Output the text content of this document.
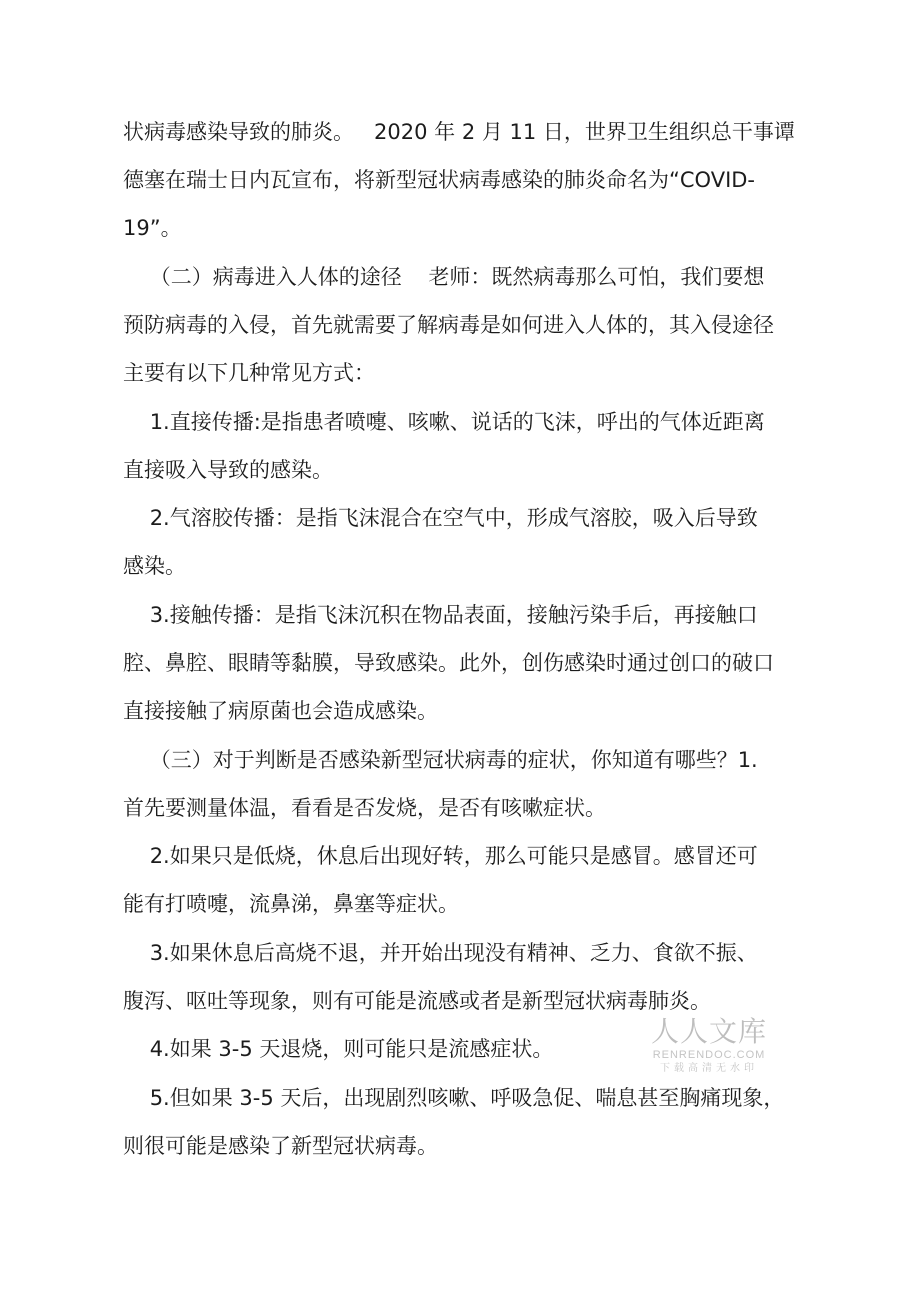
状病毒感染导致的肺炎。   2020 年 2 月 11 日，世界卫生组织总干事谭
德塞在瑞士日内瓦宣布，将新型冠状病毒感染的肺炎命名为“COVID-
19”。
（二）病毒进入人体的途径    老师：既然病毒那么可怕，我们要想
预防病毒的入侵，首先就需要了解病毒是如何进入人体的，其入侵途径
主要有以下几种常见方式：
1.直接传播:是指患者喷嚏、咳嗽、说话的飞沫，呼出的气体近距离
直接吸入导致的感染。
2.气溶胶传播：是指飞沫混合在空气中，形成气溶胶，吸入后导致
感染。
3.接触传播：是指飞沫沉积在物品表面，接触污染手后，再接触口
腔、鼻腔、眼睛等黏膜，导致感染。此外，创伤感染时通过创口的破口
直接接触了病原菌也会造成感染。
（三）对于判断是否感染新型冠状病毒的症状，你知道有哪些？1.
首先要测量体温，看看是否发烧，是否有咳嗽症状。
2.如果只是低烧，休息后出现好转，那么可能只是感冒。感冒还可
能有打喷嚏，流鼻涕，鼻塞等症状。
3.如果休息后高烧不退，并开始出现没有精神、乏力、食欲不振、
腹泻、呕吐等现象，则有可能是流感或者是新型冠状病毒肺炎。
4.如果 3-5 天退烧，则可能只是流感症状。
5.但如果 3-5 天后，出现剧烈咳嗽、呼吸急促、喘息甚至胸痛现象，
则很可能是感染了新型冠状病毒。
人人文库
RENRENDOC.COM
下载高清无水印
